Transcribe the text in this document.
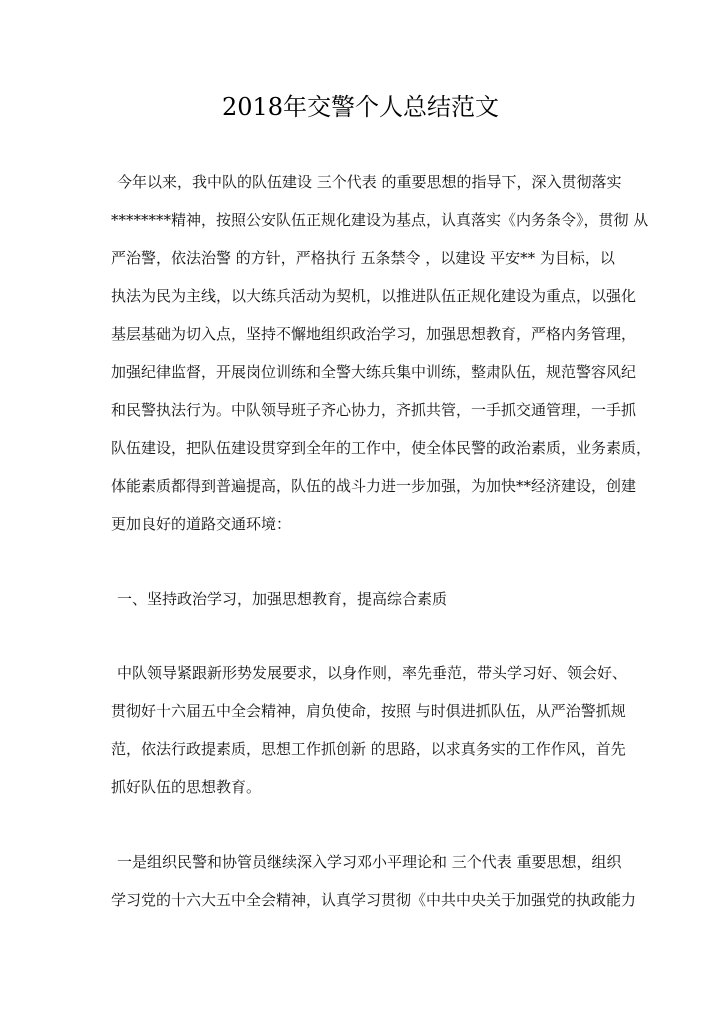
2018年交警个人总结范文
今年以来，我中队的队伍建设 三个代表 的重要思想的指导下，深入贯彻落实
********精神，按照公安队伍正规化建设为基点，认真落实《内务条令》，贯彻 从
严治警，依法治警 的方针，严格执行 五条禁令 ，以建设 平安** 为目标，以
执法为民为主线，以大练兵活动为契机，以推进队伍正规化建设为重点，以强化
基层基础为切入点，坚持不懈地组织政治学习，加强思想教育，严格内务管理，
加强纪律监督，开展岗位训练和全警大练兵集中训练，整肃队伍，规范警容风纪
和民警执法行为。中队领导班子齐心协力，齐抓共管，一手抓交通管理，一手抓
队伍建设，把队伍建设贯穿到全年的工作中，使全体民警的政治素质，业务素质，
体能素质都得到普遍提高，队伍的战斗力进一步加强，为加快**经济建设，创建
更加良好的道路交通环境：
一、坚持政治学习，加强思想教育，提高综合素质
中队领导紧跟新形势发展要求，以身作则，率先垂范，带头学习好、领会好、
贯彻好十六届五中全会精神，肩负使命，按照 与时俱进抓队伍，从严治警抓规
范，依法行政提素质，思想工作抓创新 的思路，以求真务实的工作作风，首先
抓好队伍的思想教育。
一是组织民警和协管员继续深入学习邓小平理论和 三个代表 重要思想，组织
学习党的十六大五中全会精神，认真学习贯彻《中共中央关于加强党的执政能力
